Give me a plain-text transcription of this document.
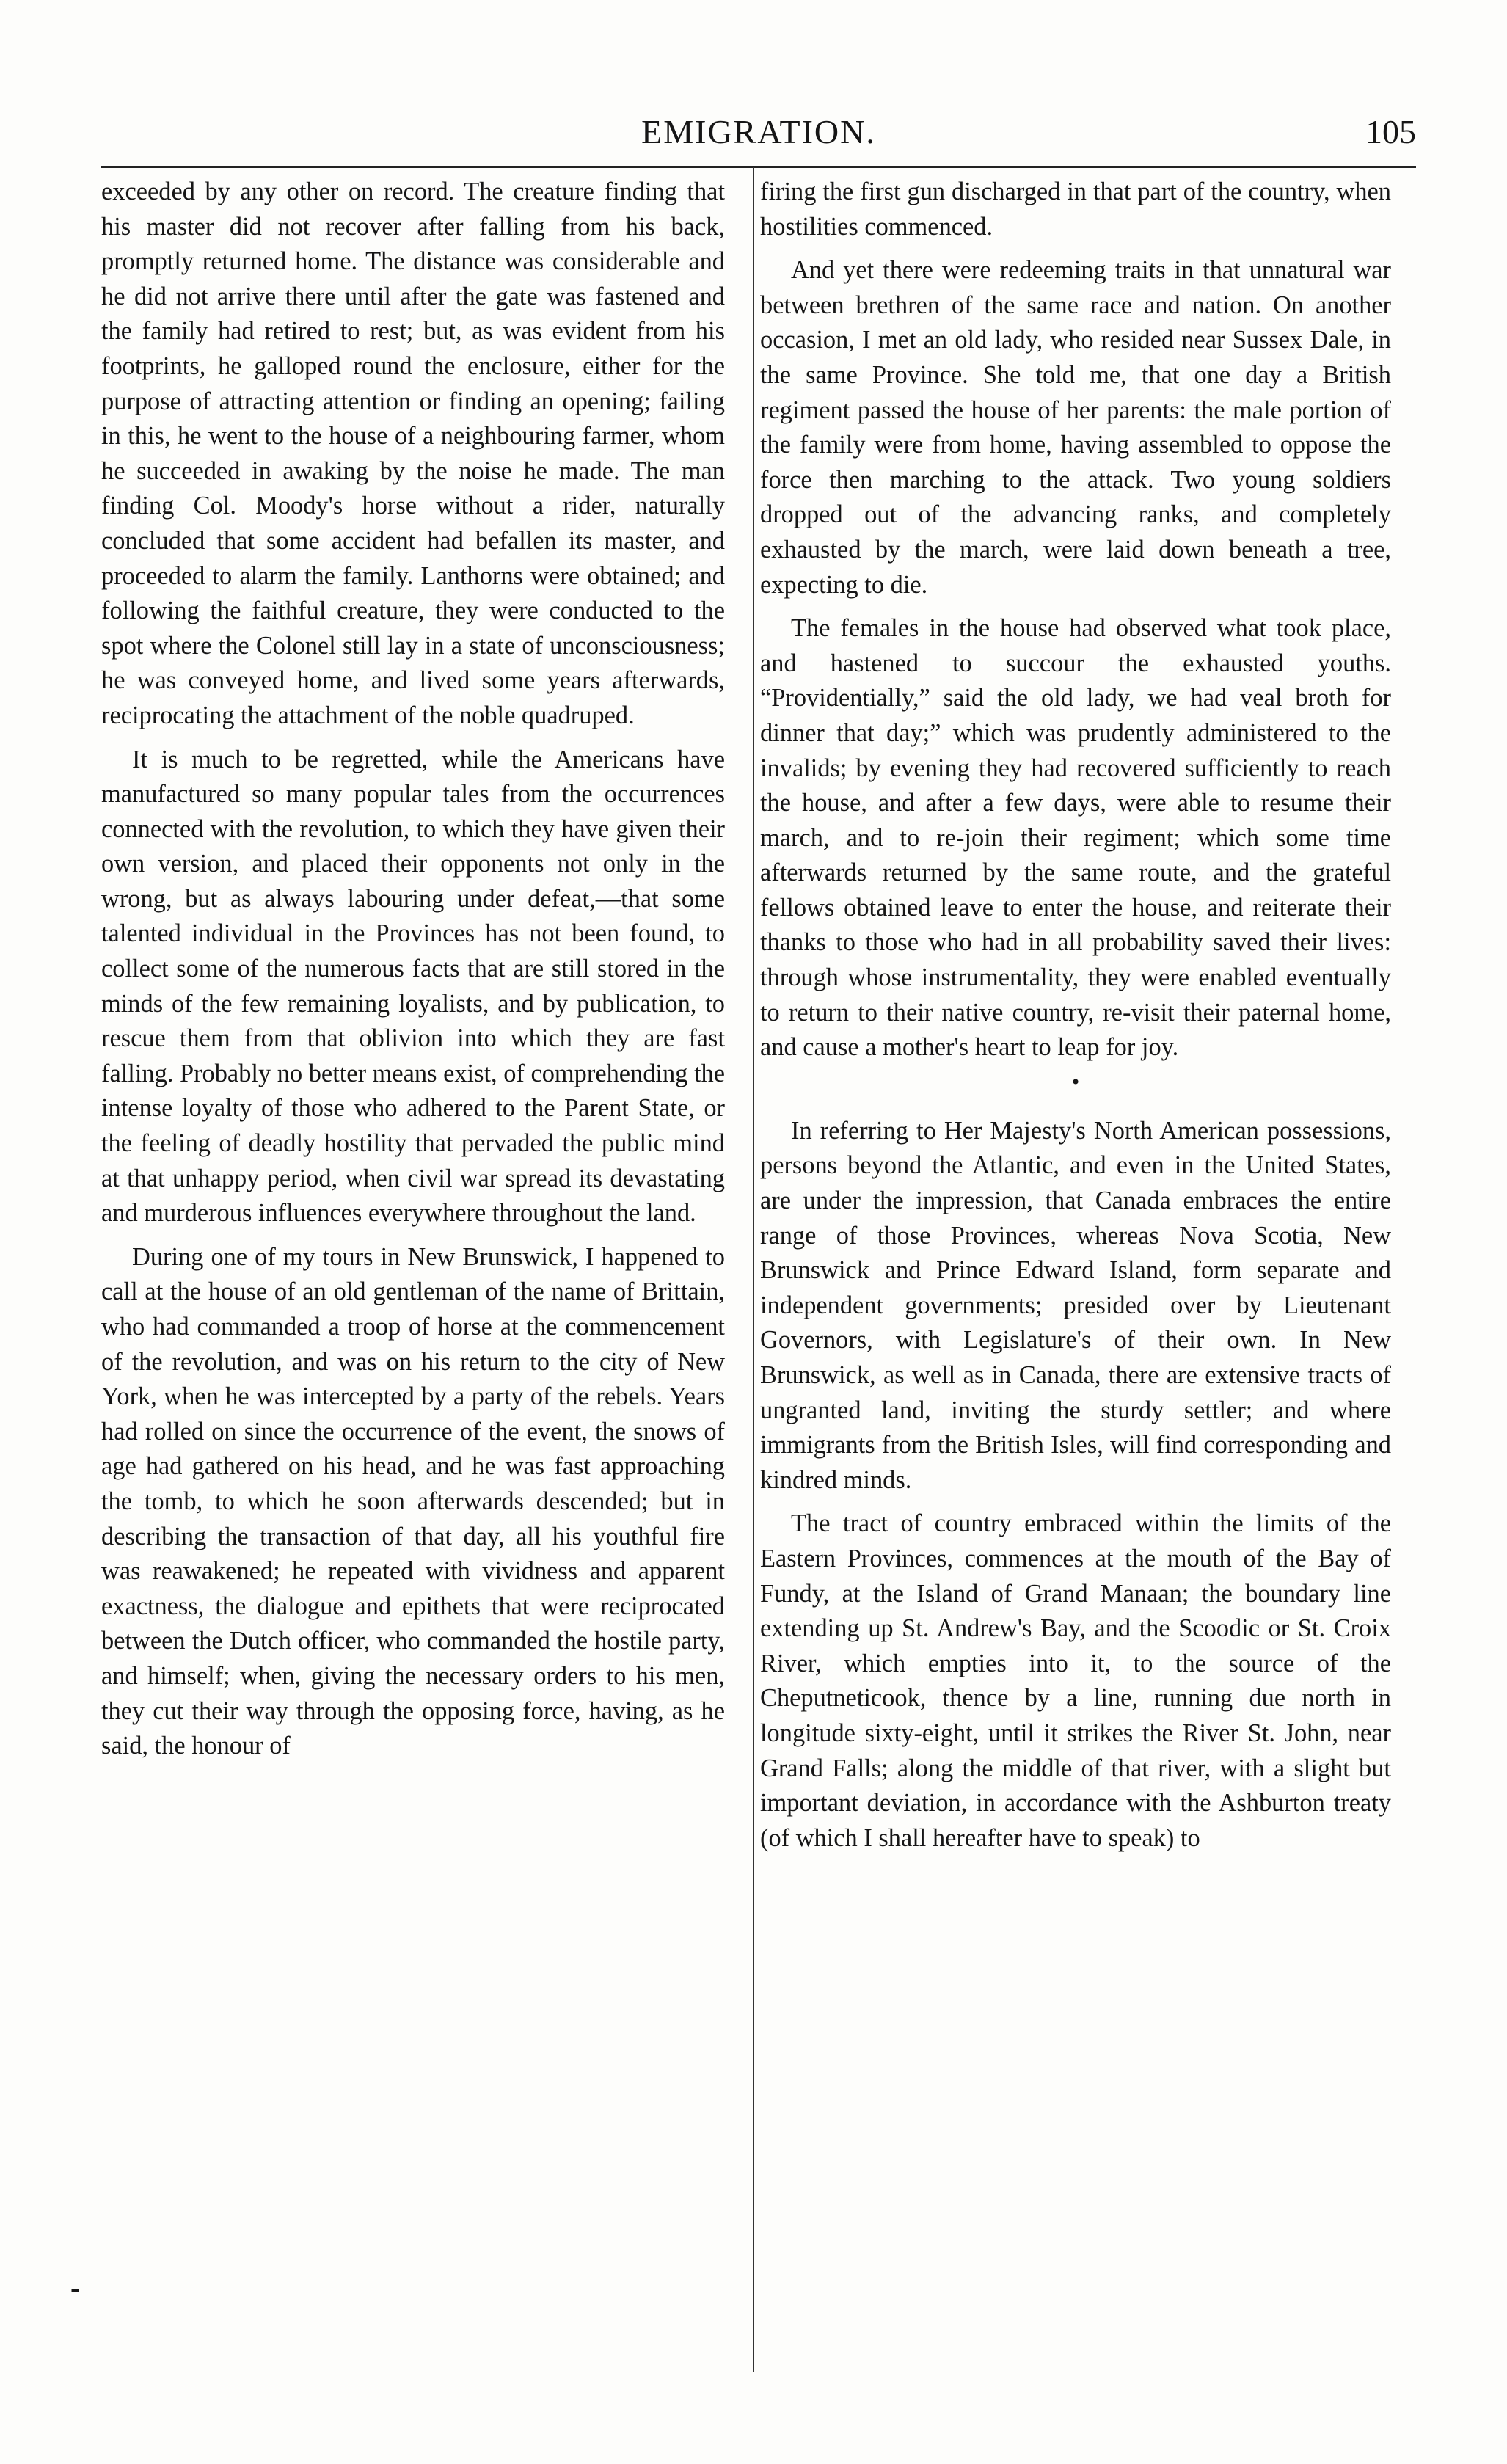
EMIGRATION.	105

exceeded by any other on record. The creature finding that his master did not recover after falling from his back, promptly returned home. The distance was considerable and he did not arrive there until after the gate was fastened and the family had retired to rest; but, as was evident from his footprints, he galloped round the enclosure, either for the purpose of attracting attention or finding an opening; failing in this, he went to the house of a neighbouring farmer, whom he succeeded in awaking by the noise he made. The man finding Col. Moody's horse without a rider, naturally concluded that some accident had befallen its master, and proceeded to alarm the family. Lanthorns were obtained; and following the faithful creature, they were conducted to the spot where the Colonel still lay in a state of unconsciousness; he was conveyed home, and lived some years afterwards, reciprocating the attachment of the noble quadruped.

It is much to be regretted, while the Americans have manufactured so many popular tales from the occurrences connected with the revolution, to which they have given their own version, and placed their opponents not only in the wrong, but as always labouring under defeat,—that some talented individual in the Provinces has not been found, to collect some of the numerous facts that are still stored in the minds of the few remaining loyalists, and by publication, to rescue them from that oblivion into which they are fast falling. Probably no better means exist, of comprehending the intense loyalty of those who adhered to the Parent State, or the feeling of deadly hostility that pervaded the public mind at that unhappy period, when civil war spread its devastating and murderous influences everywhere throughout the land.

During one of my tours in New Brunswick, I happened to call at the house of an old gentleman of the name of Brittain, who had commanded a troop of horse at the commencement of the revolution, and was on his return to the city of New York, when he was intercepted by a party of the rebels. Years had rolled on since the occurrence of the event, the snows of age had gathered on his head, and he was fast approaching the tomb, to which he soon afterwards descended; but in describing the transaction of that day, all his youthful fire was reawakened; he repeated with vividness and apparent exactness, the dialogue and epithets that were reciprocated between the Dutch officer, who commanded the hostile party, and himself; when, giving the necessary orders to his men, they cut their way through the opposing force, having, as he said, the honour of

firing the first gun discharged in that part of the country, when hostilities commenced.

And yet there were redeeming traits in that unnatural war between brethren of the same race and nation. On another occasion, I met an old lady, who resided near Sussex Dale, in the same Province. She told me, that one day a British regiment passed the house of her parents: the male portion of the family were from home, having assembled to oppose the force then marching to the attack. Two young soldiers dropped out of the advancing ranks, and completely exhausted by the march, were laid down beneath a tree, expecting to die.

The females in the house had observed what took place, and hastened to succour the exhausted youths. “Providentially,” said the old lady, we had veal broth for dinner that day;” which was prudently administered to the invalids; by evening they had recovered sufficiently to reach the house, and after a few days, were able to resume their march, and to re-join their regiment; which some time afterwards returned by the same route, and the grateful fellows obtained leave to enter the house, and reiterate their thanks to those who had in all probability saved their lives: through whose instrumentality, they were enabled eventually to return to their native country, re-visit their paternal home, and cause a mother's heart to leap for joy.

•

In referring to Her Majesty's North American possessions, persons beyond the Atlantic, and even in the United States, are under the impression, that Canada embraces the entire range of those Provinces, whereas Nova Scotia, New Brunswick and Prince Edward Island, form separate and independent governments; presided over by Lieutenant Governors, with Legislature's of their own. In New Brunswick, as well as in Canada, there are extensive tracts of ungranted land, inviting the sturdy settler; and where immigrants from the British Isles, will find corresponding and kindred minds.

The tract of country embraced within the limits of the Eastern Provinces, commences at the mouth of the Bay of Fundy, at the Island of Grand Manaan; the boundary line extending up St. Andrew's Bay, and the Scoodic or St. Croix River, which empties into it, to the source of the Cheputneticook, thence by a line, running due north in longitude sixty-eight, until it strikes the River St. John, near Grand Falls; along the middle of that river, with a slight but important deviation, in accordance with the Ashburton treaty (of which I shall hereafter have to speak) to

-
